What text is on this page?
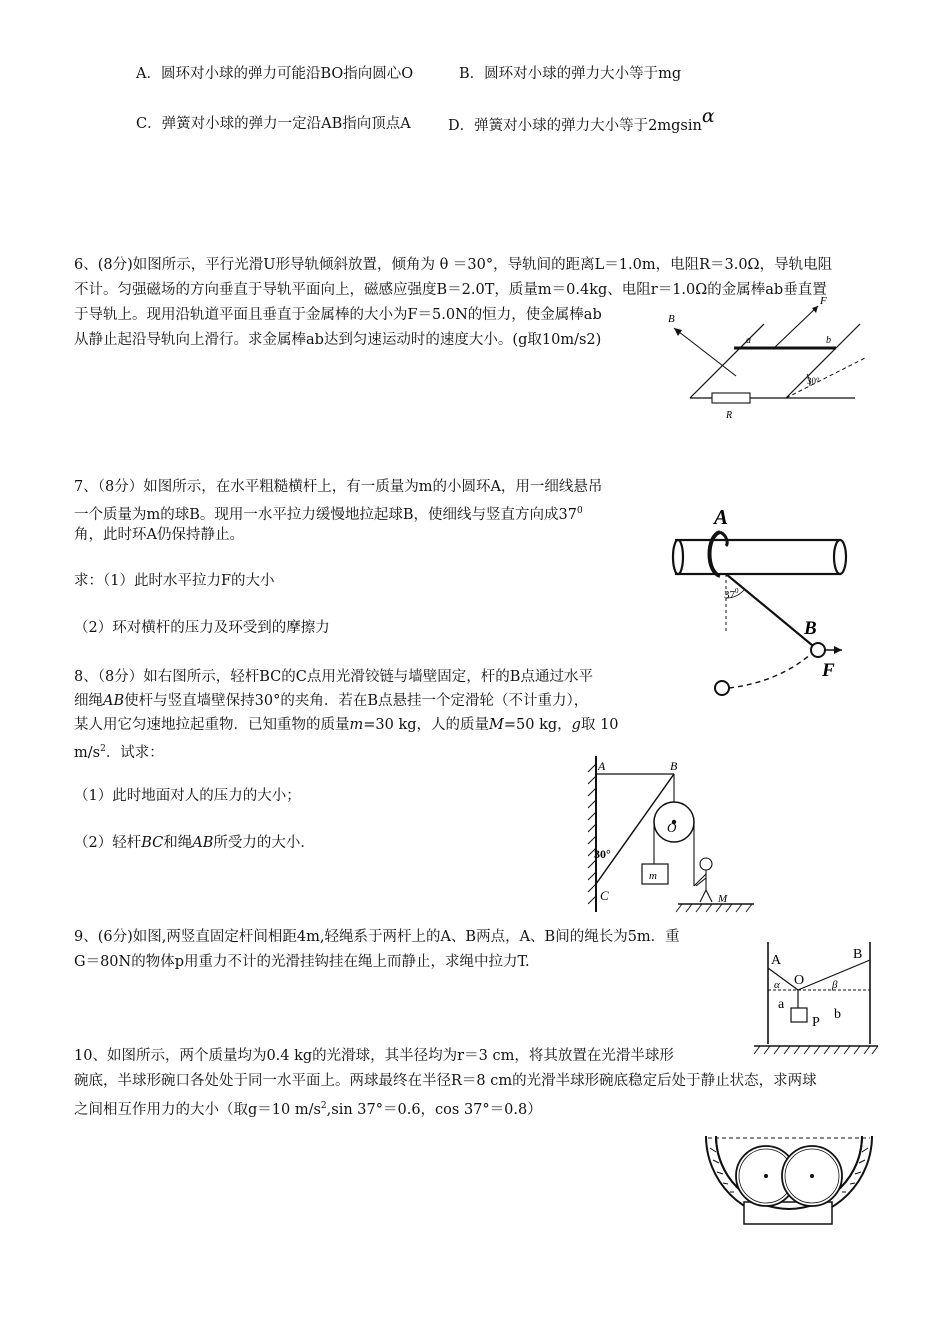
A．圆环对小球的弹力可能沿BO指向圆心O	B．圆环对小球的弹力大小等于mg
C．弹簧对小球的弹力一定沿AB指向顶点A	D．弹簧对小球的弹力大小等于2mgsinα
6、(8分)如图所示，平行光滑U形导轨倾斜放置，倾角为 θ ＝30°，导轨间的距离L＝1.0m，电阻R＝3.0Ω，导轨电阻
不计。匀强磁场的方向垂直于导轨平面向上，磁感应强度B＝2.0T，质量m＝0.4kg、电阻r＝1.0Ω的金属棒ab垂直置
于导轨上。现用沿轨道平面且垂直于金属棒的大小为F＝5.0N的恒力，使金属棒ab
从静止起沿导轨向上滑行。求金属棒ab达到匀速运动时的速度大小。(g取10m/s2)
B
F
a	b
30°
R
7、（8分）如图所示，在水平粗糙横杆上，有一质量为m的小圆环A，用一细线悬吊
一个质量为m的球B。现用一水平拉力缓慢地拉起球B，使细线与竖直方向成$37^0$
角，此时环A仍保持静止。
求：（1）此时水平拉力F的大小
（2）环对横杆的压力及环受到的摩擦力
A
B
F
$37^0$
8、（8分）如右图所示，轻杆BC的C点用光滑铰链与墙壁固定，杆的B点通过水平
细绳AB使杆与竖直墙壁保持30°的夹角．若在B点悬挂一个定滑轮（不计重力），
某人用它匀速地拉起重物．已知重物的质量m=30 kg，人的质量M=50 kg，g取 10
$m/s^2$．试求：
（1）此时地面对人的压力的大小；
（2）轻杆BC和绳AB所受力的大小．
A	B
O
30°
C
m
M
9、(6分)如图,两竖直固定杆间相距4m,轻绳系于两杆上的A、B两点，A、B间的绳长为5m．重
G＝80N的物体p用重力不计的光滑挂钩挂在绳上而静止，求绳中拉力T.	A	B
O
α	β
a
b
P
10、如图所示，两个质量均为0.4 kg的光滑球，其半径均为r＝3 cm，将其放置在光滑半球形
碗底，半球形碗口各处处于同一水平面上。两球最终在半径R＝8 cm的光滑半球形碗底稳定后处于静止状态，求两球
之间相互作用力的大小（取g＝10 $m/s^2,\sin$ 37°＝0.6，cos 37°＝0.8）
